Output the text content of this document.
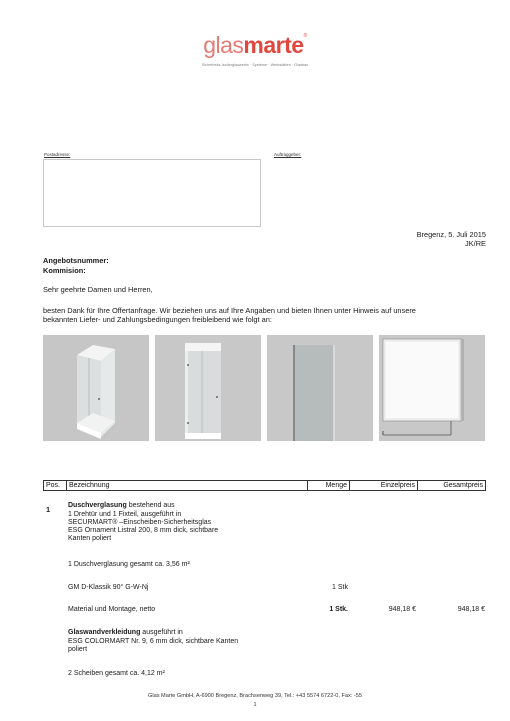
glasmarte®
Sicherheits-Isolierglaswerks · Systeme · Werkstätten · Glasbau
Postadresse:	Auftraggeber:
Bregenz, 5. Juli 2015
JK/RE
Angebotsnummer:
Kommision:
Sehr geehrte Damen und Herren,
besten Dank für Ihre Offertanfrage. Wir beziehen uns auf Ihre Angaben und bieten Ihnen unter Hinweis auf unsere
bekannten Liefer- und Zahlungsbedingungen freibleibend wie folgt an:
Pos.	Bezeichnung	Menge	Einzelpreis	Gesamtpreis
1	Duschverglasung bestehend aus
1 Drehtür und 1 Fixteil, ausgeführt in
SECURMART® –Einscheiben-Sicherheitsglas
ESG Ornament Listral 200, 8 mm dick, sichtbare
Kanten poliert
1 Duschverglasung gesamt ca. 3,56 m²
GM D-Klassik 90° G-W-Nj	1 Stk
Material und Montage, netto	1 Stk.	948,18 €	948,18 €
Glaswandverkleidung ausgeführt in
ESG COLORMART Nr. 9, 6 mm dick, sichtbare Kanten
poliert
2 Scheiben gesamt ca. 4,12 m²
Glas Marte GmbH, A-6900 Bregenz, Brachsenweg 39, Tel.: +43 5574 6722-0, Fax: -55
1
